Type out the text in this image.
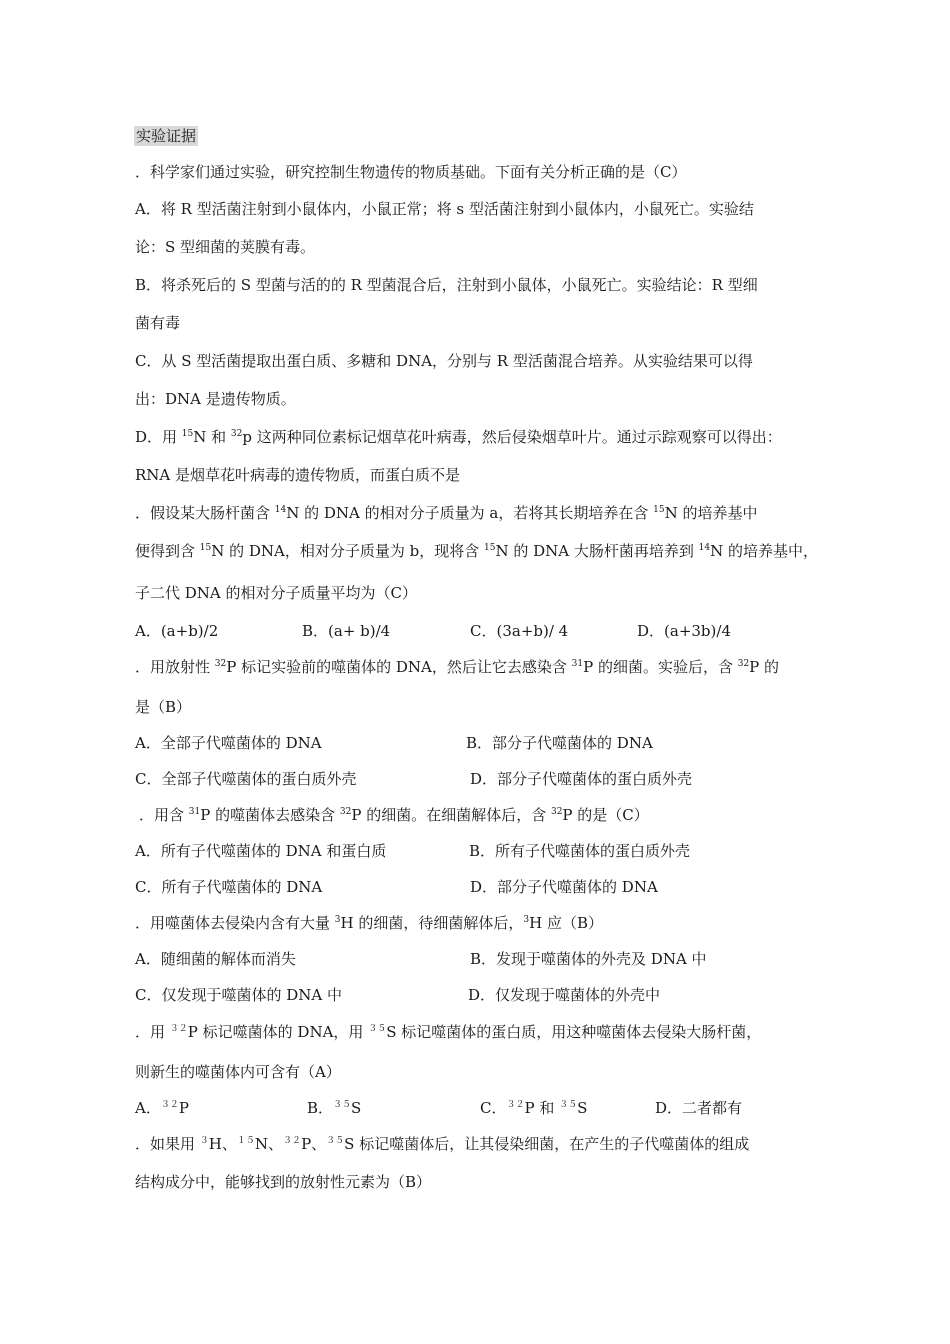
实验证据
．科学家们通过实验，研究控制生物遗传的物质基础。下面有关分析正确的是（C）
A．将 R 型活菌注射到小鼠体内，小鼠正常；将 s 型活菌注射到小鼠体内，小鼠死亡。实验结
论：S 型细菌的荚膜有毒。
B．将杀死后的 S 型菌与活的的 R 型菌混合后，注射到小鼠体，小鼠死亡。实验结论：R 型细
菌有毒
C．从 S 型活菌提取出蛋白质、多糖和 DNA，分别与 R 型活菌混合培养。从实验结果可以得
出：DNA 是遗传物质。
D．用 $^{15}$N 和 $^{32}$p 这两种同位素标记烟草花叶病毒，然后侵染烟草叶片。通过示踪观察可以得出：
RNA 是烟草花叶病毒的遗传物质，而蛋白质不是
．假设某大肠杆菌含 $^{14}$N 的 DNA 的相对分子质量为 a，若将其长期培养在含 $^{15}$N 的培养基中
便得到含 $^{15}$N 的 DNA，相对分子质量为 b，现将含 $^{15}$N 的 DNA 大肠杆菌再培养到 $^{14}$N 的培养基中，
子二代 DNA 的相对分子质量平均为（C）
A．(a+b)/2	B．(a+ b)/4	C．(3a+b)/ 4	D．(a+3b)/4
．用放射性 $^{32}$P 标记实验前的噬菌体的 DNA，然后让它去感染含 $^{31}$P 的细菌。实验后，含 $^{32}$P 的
是（B）
A．全部子代噬菌体的 DNA	B．部分子代噬菌体的 DNA
C．全部子代噬菌体的蛋白质外壳	D．部分子代噬菌体的蛋白质外壳
．用含 $^{31}$P 的噬菌体去感染含 $^{32}$P 的细菌。在细菌解体后，含 $^{32}$P 的是（C）
A．所有子代噬菌体的 DNA 和蛋白质	B．所有子代噬菌体的蛋白质外壳
C．所有子代噬菌体的 DNA	D．部分子代噬菌体的 DNA
．用噬菌体去侵染内含有大量 $^3$H 的细菌，待细菌解体后，$^3$H 应（B）
A．随细菌的解体而消失	B．发现于噬菌体的外壳及 DNA 中
C．仅发现于噬菌体的 DNA 中	D．仅发现于噬菌体的外壳中
．用 $^{32}$P 标记噬菌体的 DNA，用 $^{35}$S 标记噬菌体的蛋白质，用这种噬菌体去侵染大肠杆菌，
则新生的噬菌体内可含有（A）
A．$^{32}$P	B．$^{35}$S	C．$^{32}$P 和 $^{35}$S	D．二者都有
．如果用 $^3$H、$^{15}$N、$^{32}$P、$^{35}$S 标记噬菌体后，让其侵染细菌，在产生的子代噬菌体的组成
结构成分中，能够找到的放射性元素为（B）
